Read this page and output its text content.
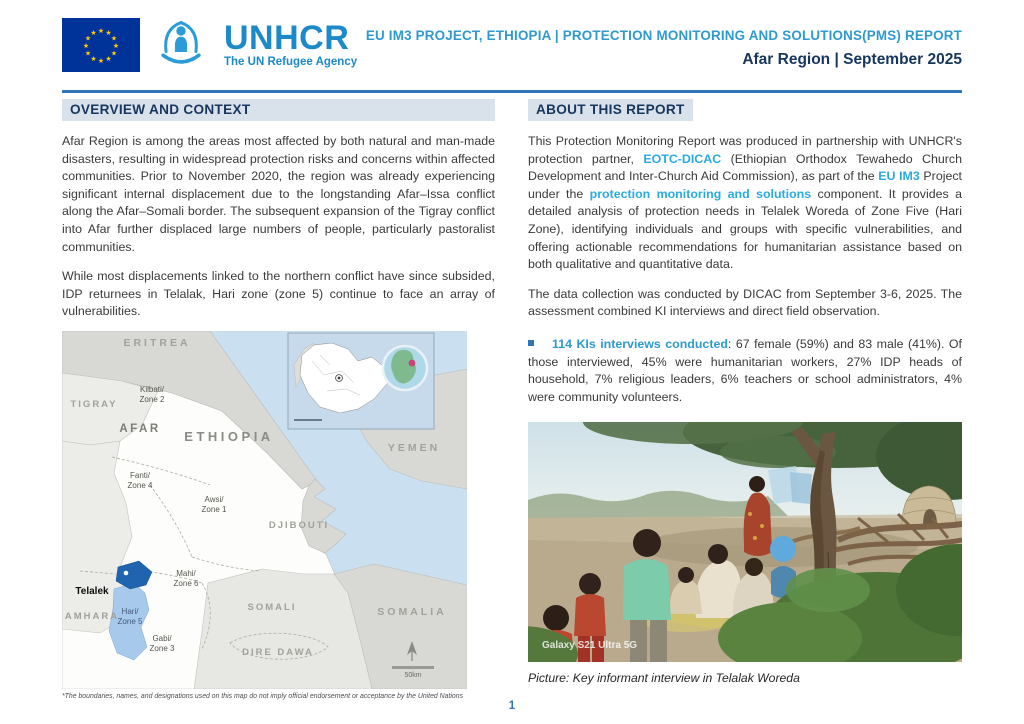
★ ★
★
★
★
★
★
★
★
★
★
★	UNHCR
The UN Refugee Agency
EU IM3 PROJECT, ETHIOPIA | PROTECTION MONITORING AND SOLUTIONS(PMS) REPORT
Afar Region | September 2025
OVERVIEW AND CONTEXT

Afar Region is among the areas most affected by both natural and man-made disasters, resulting in widespread protection risks and concerns within affected communities. Prior to November 2020, the region was already experiencing significant internal displacement due to the longstanding Afar–Issa conflict along the Afar–Somali border. The subsequent expansion of the Tigray conflict into Afar further displaced large numbers of people, particularly pastoralist communities.

While most displacements linked to the northern conflict have since subsided, IDP returnees in Telalak, Hari zone (zone 5) continue to face an array of vulnerabilities.

50km
ERITREA
TIGRAY
AFAR ETHIOPIA
YEMEN
DJIBOUTI
AMHARA
SOMALI
DIRE DAWA
SOMALIA
Kilbati/
Zone 2
Fanti/
Zone 4
Awsi/
Zone 1
Mahi/
Zone 6
Hari/
Zone 5
Gabi/
Zone 3
Telalek
*The boundaries, names, and designations used on this map do not imply official endorsement or acceptance by the United Nations
ABOUT THIS REPORT

This Protection Monitoring Report was produced in partnership with UNHCR's protection partner, EOTC-DICAC (Ethiopian Orthodox Tewahedo Church Development and Inter-Church Aid Commission), as part of the EU IM3 Project under the protection monitoring and solutions component. It provides a detailed analysis of protection needs in Telalek Woreda of Zone Five (Hari Zone), identifying individuals and groups with specific vulnerabilities, and offering actionable recommendations for humanitarian assistance based on both qualitative and quantitative data.

The data collection was conducted by DICAC from September 3-6, 2025. The assessment combined KI interviews and direct field observation.

114 KIs interviews conducted: 67 female (59%) and 83 male (41%). Of those interviewed, 45% were humanitarian workers, 27% IDP heads of household, 7% religious leaders, 6% teachers or school administrators, 4% were community volunteers.

Galaxy S21 Ultra 5G
Picture: Key informant interview in Telalak Woreda
1
